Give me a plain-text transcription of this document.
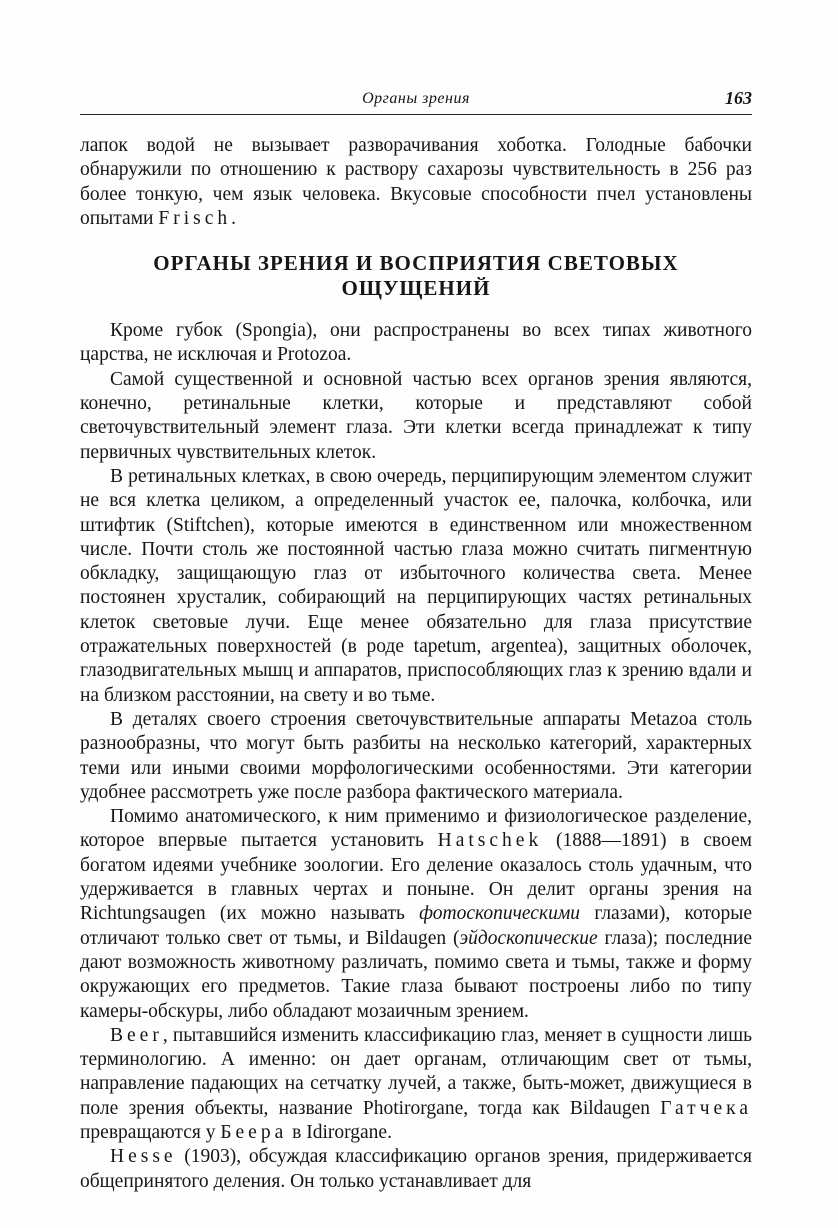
Органы зрения	163

лапок водой не вызывает разворачивания хоботка. Голодные бабочки обнаружили по отношению к раствору сахарозы чувствительность в 256 раз более тонкую, чем язык человека. Вкусовые способности пчел установлены опытами Frisch.

ОРГАНЫ ЗРЕНИЯ И ВОСПРИЯТИЯ СВЕТОВЫХ
ОЩУЩЕНИЙ

Кроме губок (Spongia), они распространены во всех типах животного царства, не исключая и Protozoa.

Самой существенной и основной частью всех органов зрения являются, конечно, ретинальные клетки, которые и представляют собой светочувствительный элемент глаза. Эти клетки всегда принадлежат к типу первичных чувствительных клеток.

В ретинальных клетках, в свою очередь, перципирующим элементом служит не вся клетка целиком, а определенный участок ее, палочка, колбочка, или штифтик (Stiftchen), которые имеются в единственном или множественном числе. Почти столь же постоянной частью глаза можно считать пигментную обкладку, защищающую глаз от избыточного количества света. Менее постоянен хрусталик, собирающий на перципирующих частях ретинальных клеток световые лучи. Еще менее обязательно для глаза присутствие отражательных поверхностей (в роде tapetum, argentea), защитных оболочек, глазодвигательных мышц и аппаратов, приспособляющих глаз к зрению вдали и на близком расстоянии, на свету и во тьме.

В деталях своего строения светочувствительные аппараты Metazoa столь разнообразны, что могут быть разбиты на несколько категорий, характерных теми или иными своими морфологическими особенностями. Эти категории удобнее рассмотреть уже после разбора фактического материала.

Помимо анатомического, к ним применимо и физиологическое разделение, которое впервые пытается установить Hatschek (1888—1891) в своем богатом идеями учебнике зоологии. Его деление оказалось столь удачным, что удерживается в главных чертах и поныне. Он делит органы зрения на Richtungsaugen (их можно называть фотоскопическими глазами), которые отличают только свет от тьмы, и Bildaugen (эйдоскопические глаза); последние дают возможность животному различать, помимо света и тьмы, также и форму окружающих его предметов. Такие глаза бывают построены либо по типу камеры-обскуры, либо обладают мозаичным зрением.

Beer, пытавшийся изменить классификацию глаз, меняет в сущности лишь терминологию. А именно: он дает органам, отличающим свет от тьмы, направление падающих на сетчатку лучей, а также, быть-может, движущиеся в поле зрения объекты, название Photirorgane, тогда как Bildaugen Гатчека превращаются у Беера в Idirorgane.

Hesse (1903), обсуждая классификацию органов зрения, придерживается общепринятого деления. Он только устанавливает для
